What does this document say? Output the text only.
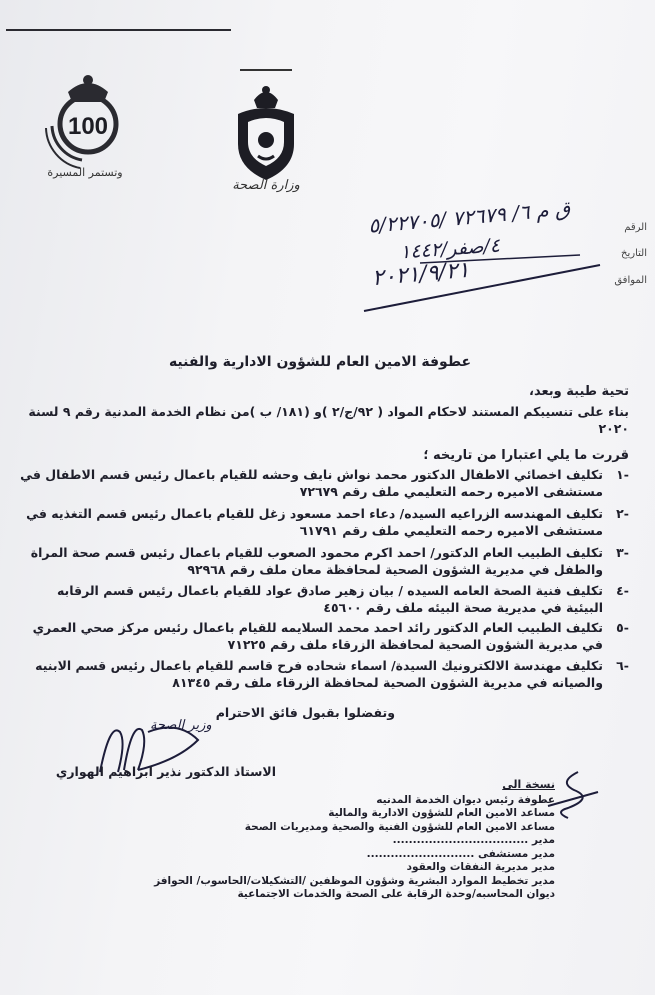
100
وتستمر المسيرة
وزارة الصحة
الرقم
التاريخ
الموافق
ق م ٦/ ٧٢٦٧٩ /٥/٢٢٧٠٥
٤/صفر/١٤٤٢
٢٠٢١/٩/٢١
عطوفة الامين العام للشؤون الادارية والفنيه
تحية طيبة وبعد،
بناء على تنسيبكم المستند لاحكام المواد ( ٩٢/ج/٢ )و (١٨١/ ب )من نظام الخدمة المدنية رقم ٩ لسنة ٢٠٢٠
قررت ما يلي اعتبارا من تاريخه ؛
-١
تكليف اخصائي الاطفال الدكتور محمد نواش نايف وحشه للقيام باعمال رئيس قسم الاطفال في مستشفى الاميره رحمه التعليمي ملف رقم ٧٢٦٧٩
-٢
تكليف المهندسه الزراعيه السيده/ دعاء احمد مسعود زغل للقيام باعمال رئيس قسم التغذيه في مستشفى الاميره رحمه التعليمي ملف رقم ٦١٧٩١
-٣
تكليف الطبيب العام الدكتور/ احمد اكرم محمود الصعوب للقيام باعمال رئيس قسم صحة المراة والطفل في مديرية الشؤون الصحية لمحافظة معان ملف رقم ٩٢٩٦٨
-٤
تكليف فنية الصحة العامه السيده / بيان زهير صادق عواد للقيام باعمال رئيس قسم الرقابه البيئية في مديرية صحة البيئه ملف رقم ٤٥٦٠٠
-٥
تكليف الطبيب العام الدكتور رائد احمد محمد السلايمه للقيام باعمال رئيس مركز صحي العمري في مديرية الشؤون الصحية لمحافظة الزرقاء ملف رقم ٧١٢٢٥
-٦
تكليف مهندسة الالكترونيك السيدة/ اسماء شحاده فرح قاسم للقيام باعمال رئيس قسم الابنيه والصيانه في مديرية الشؤون الصحية لمحافظة الزرقاء ملف رقم ٨١٣٤٥
وتفضلوا بقبول فائق الاحترام
وزير الصحة
الاستاذ الدكتور نذير ابراهيم الهواري
نسخة الى
عطوفة رئيس ديوان الخدمة المدنيه
مساعد الامين العام للشؤون الادارية والمالية
مساعد الامين العام للشؤون الفنية والصحية ومديريات الصحة
مدير ..................................
مدير مستشفى ...........................
مدير مديرية النفقات والعقود
مدير تخطيط الموارد البشرية وشؤون الموظفين /التشكيلات/الحاسوب/ الحوافز
ديوان المحاسبه/وحدة الرقابة على الصحة والخدمات الاجتماعية
